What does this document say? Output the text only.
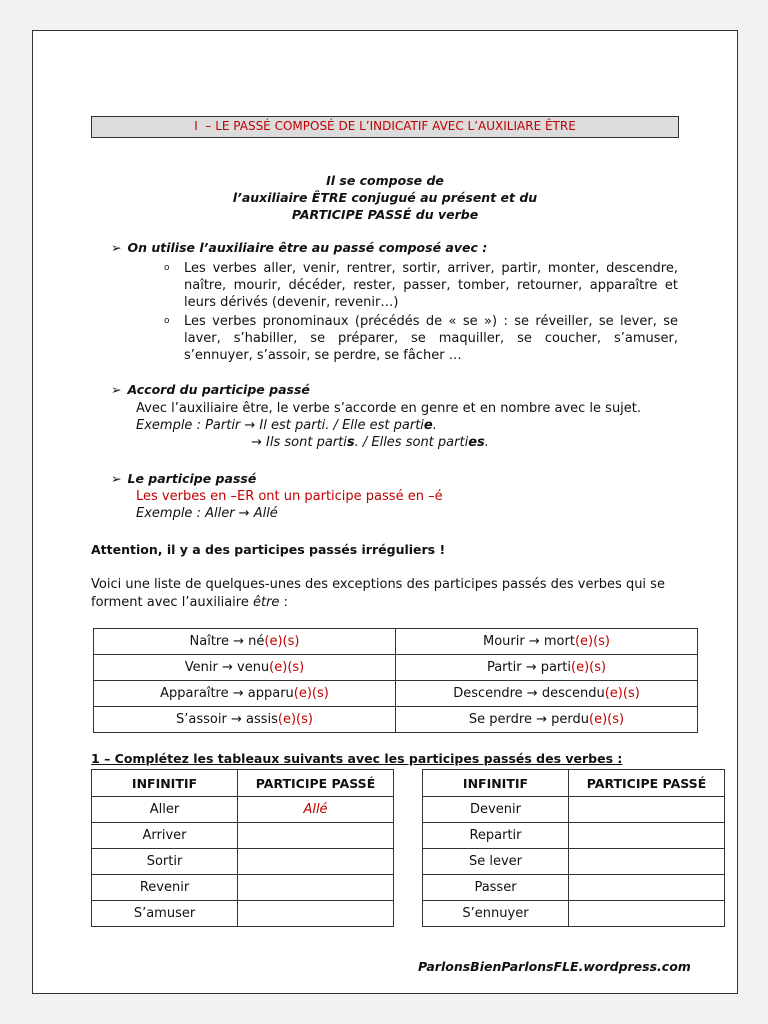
I – LE PASSÉ COMPOSÉ DE L’INDICATIF AVEC L’AUXILIARE ÊTRE
Il se compose de
l’auxiliaire ÊTRE conjugué au présent et du
PARTICIPE PASSÉ du verbe
➢ On utilise l’auxiliaire être au passé composé avec :
o Les verbes aller, venir, rentrer, sortir, arriver, partir, monter, descendre, naître, mourir, décéder, rester, passer, tomber, retourner, apparaître et leurs dérivés (devenir, revenir…)
o Les verbes pronominaux (précédés de « se ») : se réveiller, se lever, se laver, s’habiller, se préparer, se maquiller, se coucher, s’amuser, s’ennuyer, s’assoir, se perdre, se fâcher …
➢ Accord du participe passé
Avec l’auxiliaire être, le verbe s’accorde en genre et en nombre avec le sujet.
Exemple : Partir → Il est parti. / Elle est partie.
→ Ils sont partis. / Elles sont parties.
➢ Le participe passé
Les verbes en –ER ont un participe passé en –é
Exemple : Aller → Allé
Attention, il y a des participes passés irréguliers !
Voici une liste de quelques-unes des exceptions des participes passés des verbes qui se
forment avec l’auxiliaire être :
Naître → né(e)(s)	Mourir → mort(e)(s)
Venir → venu(e)(s)	Partir → parti(e)(s)
Apparaître → apparu(e)(s)	Descendre → descendu(e)(s)
S’assoir → assis(e)(s)	Se perdre → perdu(e)(s)
1 – Complétez les tableaux suivants avec les participes passés des verbes :
INFINITIF	PARTICIPE PASSÉ
Aller	Allé
Arriver	
Sortir	
Revenir	
S’amuser	
INFINITIF	PARTICIPE PASSÉ
Devenir	
Repartir	
Se lever	
Passer	
S’ennuyer	
ParlonsBienParlonsFLE.wordpress.com
